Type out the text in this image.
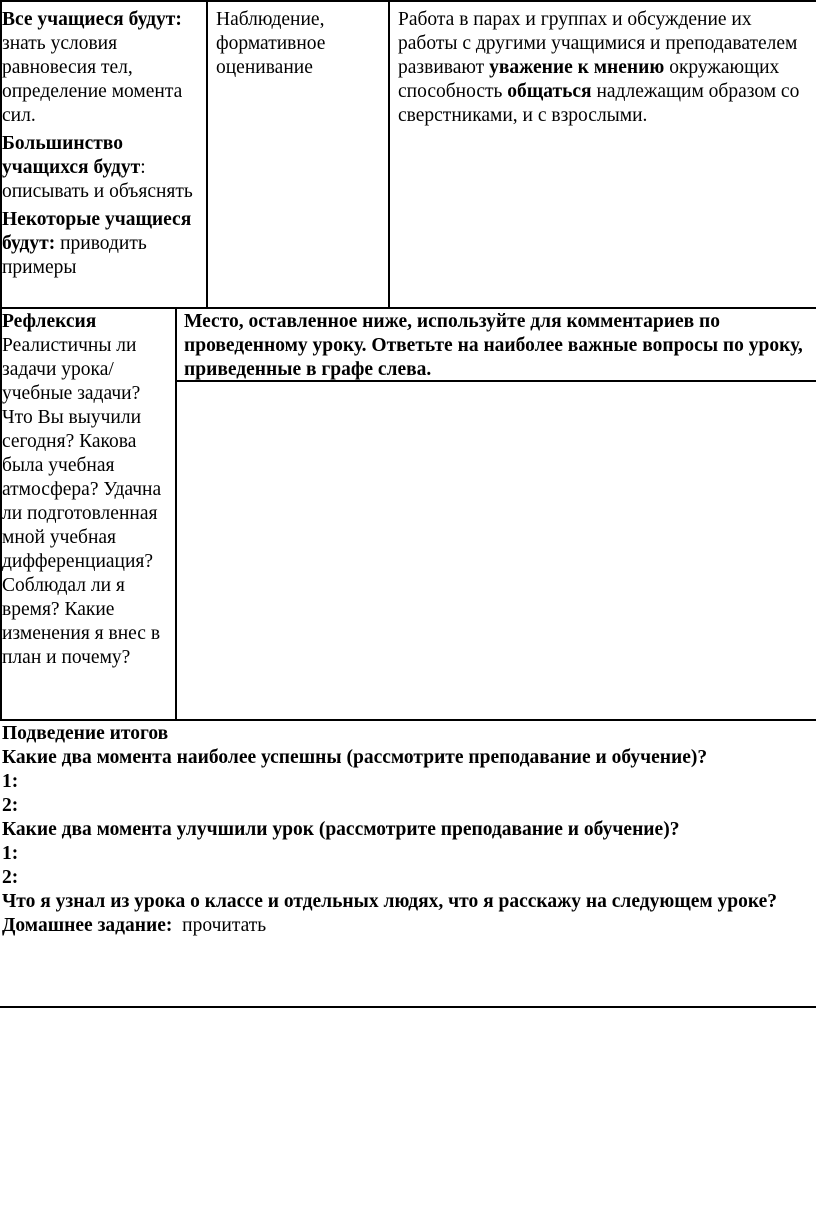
Все учащиеся будут: знать условия равновесия тел, определение момента сил.

Большинство учащихся будут: описывать и объяснять

Некоторые учащиеся будут: приводить примеры

Наблюдение, формативное оценивание

Работа в парах и группах и обсуждение их работы с другими учащимися и преподавателем развивают уважение к мнению окружающих способность общаться надлежащим образом со сверстниками, и с взрослыми.

Рефлексия

Реалистичны ли задачи урока/учебные задачи? Что Вы выучили сегодня? Какова была учебная атмосфера? Удачна ли подготовленная мной учебная дифференциация? Соблюдал ли я время? Какие изменения я внес в план и почему?

Место, оставленное ниже, используйте для комментариев по проведенному уроку. Ответьте на наиболее важные вопросы по уроку, приведенные в графе слева.

Подведение итогов

Какие два момента наиболее успешны (рассмотрите преподавание и обучение)?

1:

2:

Какие два момента улучшили урок (рассмотрите преподавание и обучение)?

1:

2:

Что я узнал из урока о классе и отдельных людях, что я расскажу на следующем уроке?

Домашнее задание:  прочитать
